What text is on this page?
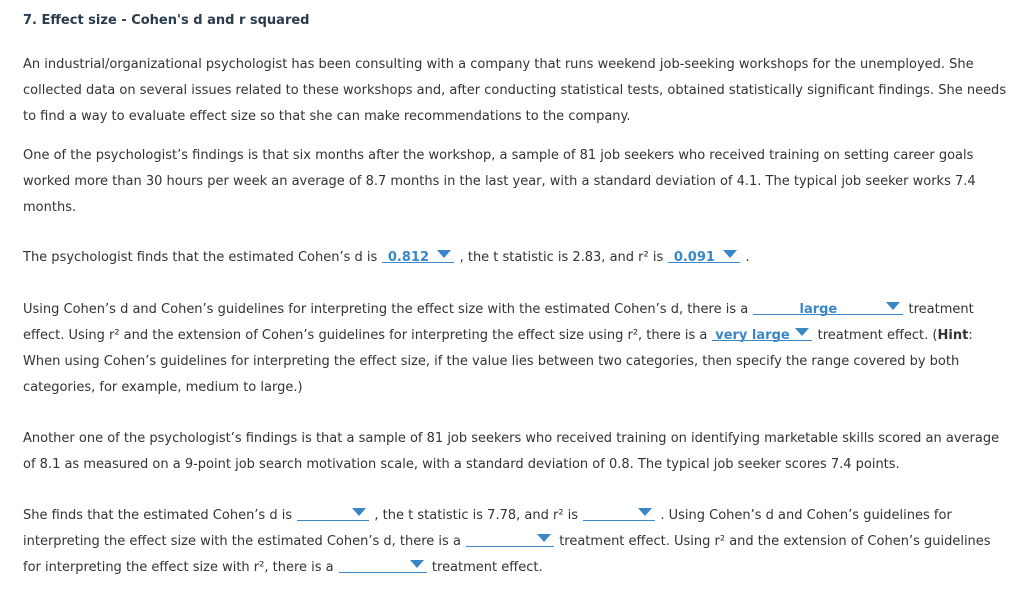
7. Effect size - Cohen's d and r squared
An industrial/organizational psychologist has been consulting with a company that runs weekend job-seeking workshops for the unemployed. She collected data on several issues related to these workshops and, after conducting statistical tests, obtained statistically significant findings. She needs to find a way to evaluate effect size so that she can make recommendations to the company.
One of the psychologist’s findings is that six months after the workshop, a sample of 81 job seekers who received training on setting career goals worked more than 30 hours per week an average of 8.7 months in the last year, with a standard deviation of 4.1. The typical job seeker works 7.4 months.
The psychologist finds that the estimated Cohen’s d is 0.812 , the t statistic is 2.83, and r² is 0.091 .
Using Cohen’s d and Cohen’s guidelines for interpreting the effect size with the estimated Cohen’s d, there is a	large	treatment effect. Using r² and the extension of Cohen’s guidelines for interpreting the effect size using r², there is a very large treatment effect. (Hint: When using Cohen’s guidelines for interpreting the effect size, if the value lies between two categories, then specify the range covered by both categories, for example, medium to large.)
Another one of the psychologist’s findings is that a sample of 81 job seekers who received training on identifying marketable skills scored an average of 8.1 as measured on a 9-point job search motivation scale, with a standard deviation of 0.8. The typical job seeker scores 7.4 points.
She finds that the estimated Cohen’s d is	, the t statistic is 7.78, and r² is	. Using Cohen’s d and Cohen’s guidelines for interpreting the effect size with the estimated Cohen’s d, there is a	treatment effect. Using r² and the extension of Cohen’s guidelines for interpreting the effect size with r², there is a	treatment effect.
